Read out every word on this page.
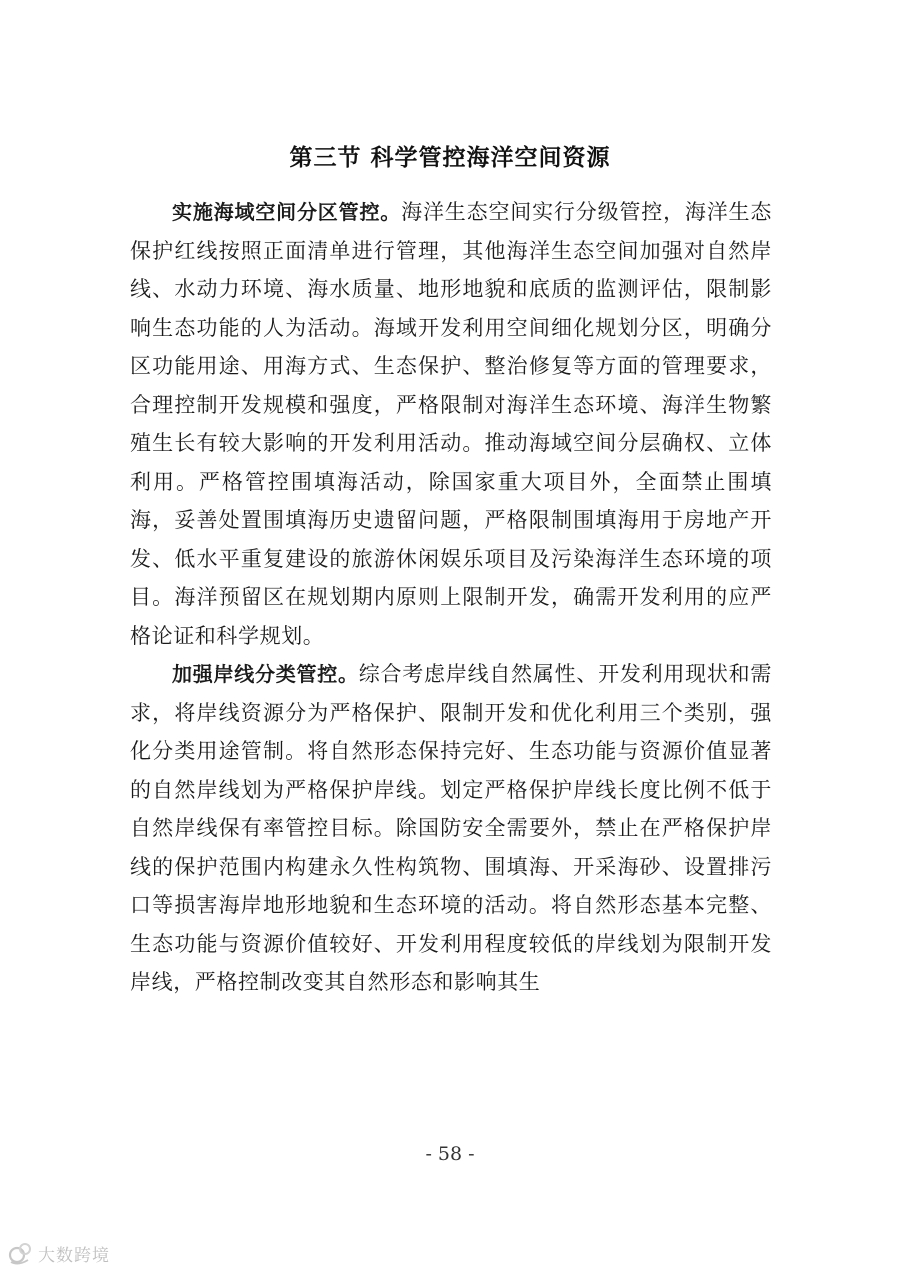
第三节 科学管控海洋空间资源

实施海域空间分区管控。海洋生态空间实行分级管控，海洋生态保护红线按照正面清单进行管理，其他海洋生态空间加强对自然岸线、水动力环境、海水质量、地形地貌和底质的监测评估，限制影响生态功能的人为活动。海域开发利用空间细化规划分区，明确分区功能用途、用海方式、生态保护、整治修复等方面的管理要求，合理控制开发规模和强度，严格限制对海洋生态环境、海洋生物繁殖生长有较大影响的开发利用活动。推动海域空间分层确权、立体利用。严格管控围填海活动，除国家重大项目外，全面禁止围填海，妥善处置围填海历史遗留问题，严格限制围填海用于房地产开发、低水平重复建设的旅游休闲娱乐项目及污染海洋生态环境的项目。海洋预留区在规划期内原则上限制开发，确需开发利用的应严格论证和科学规划。

加强岸线分类管控。综合考虑岸线自然属性、开发利用现状和需求，将岸线资源分为严格保护、限制开发和优化利用三个类别，强化分类用途管制。将自然形态保持完好、生态功能与资源价值显著的自然岸线划为严格保护岸线。划定严格保护岸线长度比例不低于自然岸线保有率管控目标。除国防安全需要外，禁止在严格保护岸线的保护范围内构建永久性构筑物、围填海、开采海砂、设置排污口等损害海岸地形地貌和生态环境的活动。将自然形态基本完整、生态功能与资源价值较好、开发利用程度较低的岸线划为限制开发岸线，严格控制改变其自然形态和影响其生

- 58 -
大数跨境
